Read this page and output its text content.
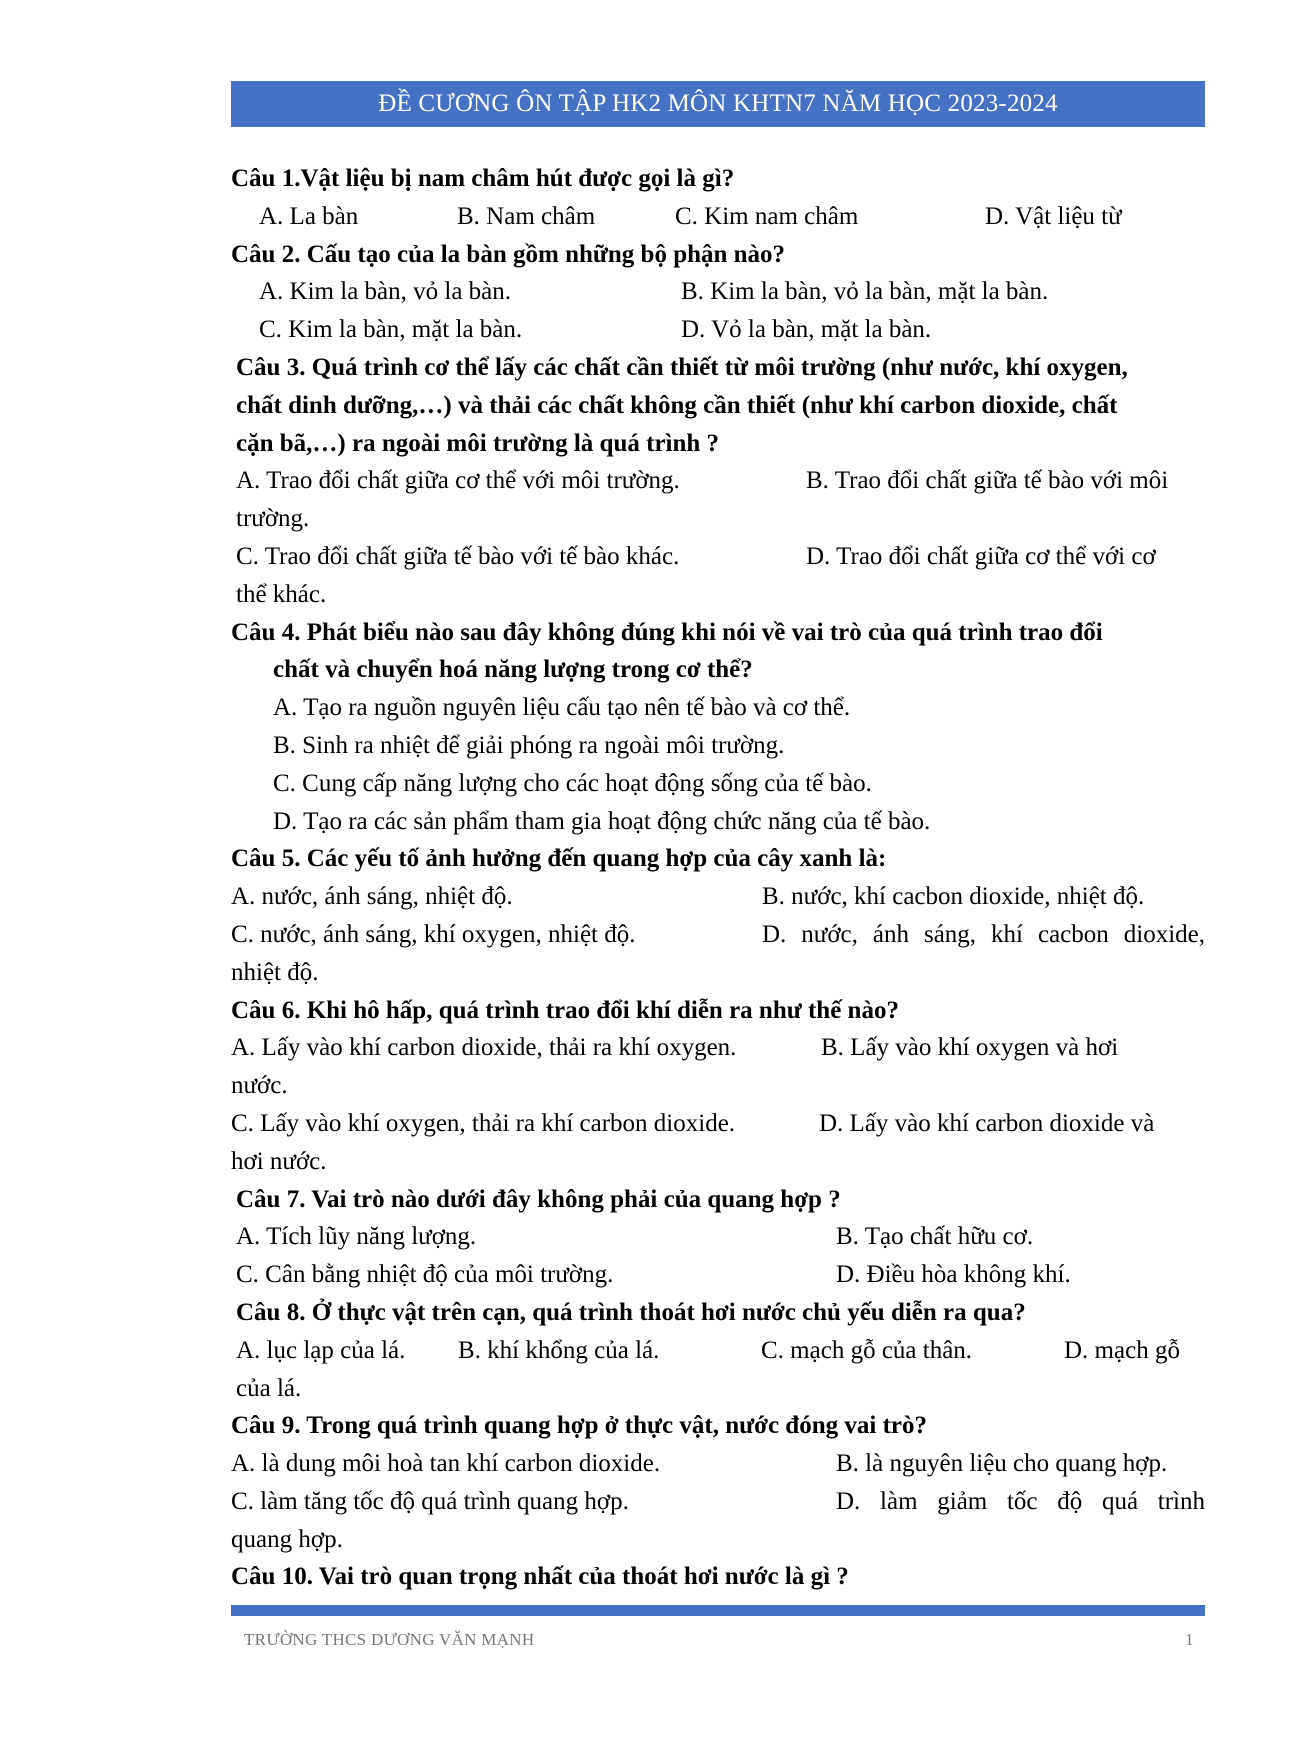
ĐỀ CƯƠNG ÔN TẬP HK2 MÔN KHTN7 NĂM HỌC 2023-2024
Câu 1.Vật liệu bị nam châm hút được gọi là gì?
A. La bàn	B. Nam châm	C. Kim nam châm	D. Vật liệu từ
Câu 2. Cấu tạo của la bàn gồm những bộ phận nào?
A. Kim la bàn, vỏ la bàn.	B. Kim la bàn, vỏ la bàn, mặt la bàn.
C. Kim la bàn, mặt la bàn.	D. Vỏ la bàn, mặt la bàn.
Câu 3. Quá trình cơ thể lấy các chất cần thiết từ môi trường (như nước, khí oxygen,
chất dinh dưỡng,…) và thải các chất không cần thiết (như khí carbon dioxide, chất
cặn bã,…) ra ngoài môi trường là quá trình ?
A. Trao đổi chất giữa cơ thể với môi trường.	B. Trao đổi chất giữa tế bào với môi
trường.
C. Trao đổi chất giữa tế bào với tế bào khác.	D. Trao đổi chất giữa cơ thể với cơ
thể khác.
Câu 4. Phát biểu nào sau đây không đúng khi nói về vai trò của quá trình trao đổi
chất và chuyển hoá năng lượng trong cơ thể?
A. Tạo ra nguồn nguyên liệu cấu tạo nên tế bào và cơ thể.
B. Sinh ra nhiệt để giải phóng ra ngoài môi trường.
C. Cung cấp năng lượng cho các hoạt động sống của tế bào.
D. Tạo ra các sản phẩm tham gia hoạt động chức năng của tế bào.
Câu 5. Các yếu tố ảnh hưởng đến quang hợp của cây xanh là:
A. nước, ánh sáng, nhiệt độ.	B. nước, khí cacbon dioxide, nhiệt độ.
C. nước, ánh sáng, khí oxygen, nhiệt độ.	D. nước, ánh sáng, khí cacbon dioxide,
nhiệt độ.
Câu 6. Khi hô hấp, quá trình trao đổi khí diễn ra như thế nào?
A. Lấy vào khí carbon dioxide, thải ra khí oxygen.	B. Lấy vào khí oxygen và hơi
nước.
C. Lấy vào khí oxygen, thải ra khí carbon dioxide.	D. Lấy vào khí carbon dioxide và
hơi nước.
Câu 7. Vai trò nào dưới đây không phải của quang hợp ?
A. Tích lũy năng lượng.	B. Tạo chất hữu cơ.
C. Cân bằng nhiệt độ của môi trường.	D. Điều hòa không khí.
Câu 8. Ở thực vật trên cạn, quá trình thoát hơi nước chủ yếu diễn ra qua?
A. lục lạp của lá.	B. khí khổng của lá.	C. mạch gỗ của thân.	D. mạch gỗ
của lá.
Câu 9. Trong quá trình quang hợp ở thực vật, nước đóng vai trò?
A. là dung môi hoà tan khí carbon dioxide.	B. là nguyên liệu cho quang hợp.
C. làm tăng tốc độ quá trình quang hợp.	D. làm giảm tốc độ quá trình
quang hợp.
Câu 10. Vai trò quan trọng nhất của thoát hơi nước là gì ?
TRƯỜNG THCS DƯƠNG VĂN MẠNH	1
